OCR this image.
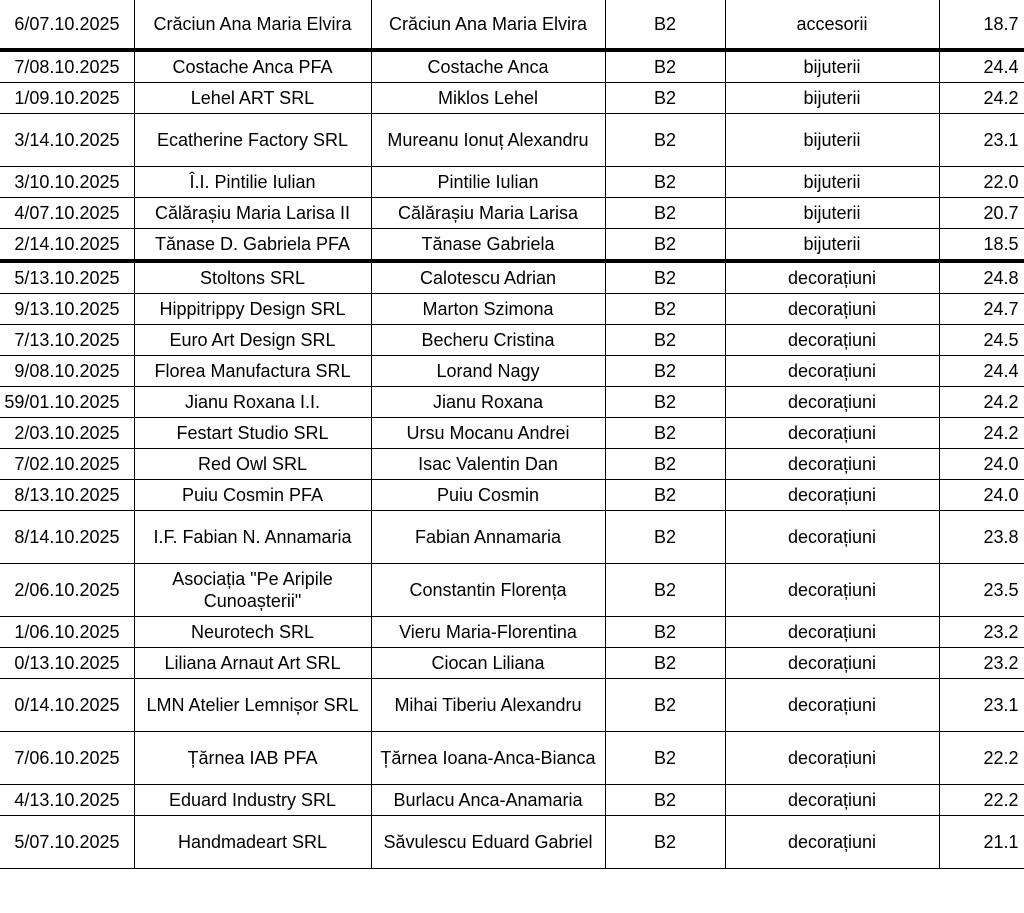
6/07.10.2025	Crăciun Ana Maria Elvira	Crăciun Ana Maria Elvira	B2	accesorii	18.7
7/08.10.2025	Costache Anca PFA	Costache Anca	B2	bijuterii	24.4
1/09.10.2025	Lehel ART SRL	Miklos Lehel	B2	bijuterii	24.2
3/14.10.2025	Ecatherine Factory SRL	Mureanu Ionuț Alexandru	B2	bijuterii	23.1
3/10.10.2025	Î.I. Pintilie Iulian	Pintilie Iulian	B2	bijuterii	22.0
4/07.10.2025	Călărașiu Maria Larisa II	Călărașiu Maria Larisa	B2	bijuterii	20.7
2/14.10.2025	Tănase D. Gabriela PFA	Tănase Gabriela	B2	bijuterii	18.5
5/13.10.2025	Stoltons SRL	Calotescu Adrian	B2	decorațiuni	24.8
9/13.10.2025	Hippitrippy Design SRL	Marton Szimona	B2	decorațiuni	24.7
7/13.10.2025	Euro Art Design SRL	Becheru Cristina	B2	decorațiuni	24.5
9/08.10.2025	Florea Manufactura SRL	Lorand Nagy	B2	decorațiuni	24.4
59/01.10.2025	Jianu Roxana I.I.	Jianu Roxana	B2	decorațiuni	24.2
2/03.10.2025	Festart Studio SRL	Ursu Mocanu Andrei	B2	decorațiuni	24.2
7/02.10.2025	Red Owl SRL	Isac Valentin Dan	B2	decorațiuni	24.0
8/13.10.2025	Puiu Cosmin PFA	Puiu Cosmin	B2	decorațiuni	24.0
8/14.10.2025	I.F. Fabian N. Annamaria	Fabian Annamaria	B2	decorațiuni	23.8
2/06.10.2025	Asociația "Pe Aripile Cunoașterii"	Constantin Florența	B2	decorațiuni	23.5
1/06.10.2025	Neurotech SRL	Vieru Maria-Florentina	B2	decorațiuni	23.2
0/13.10.2025	Liliana Arnaut Art SRL	Ciocan Liliana	B2	decorațiuni	23.2
0/14.10.2025	LMN Atelier Lemnișor SRL	Mihai Tiberiu Alexandru	B2	decorațiuni	23.1
7/06.10.2025	Țărnea IAB PFA	Țărnea Ioana-Anca-Bianca	B2	decorațiuni	22.2
4/13.10.2025	Eduard Industry SRL	Burlacu Anca-Anamaria	B2	decorațiuni	22.2
5/07.10.2025	Handmadeart SRL	Săvulescu Eduard Gabriel	B2	decorațiuni	21.1
